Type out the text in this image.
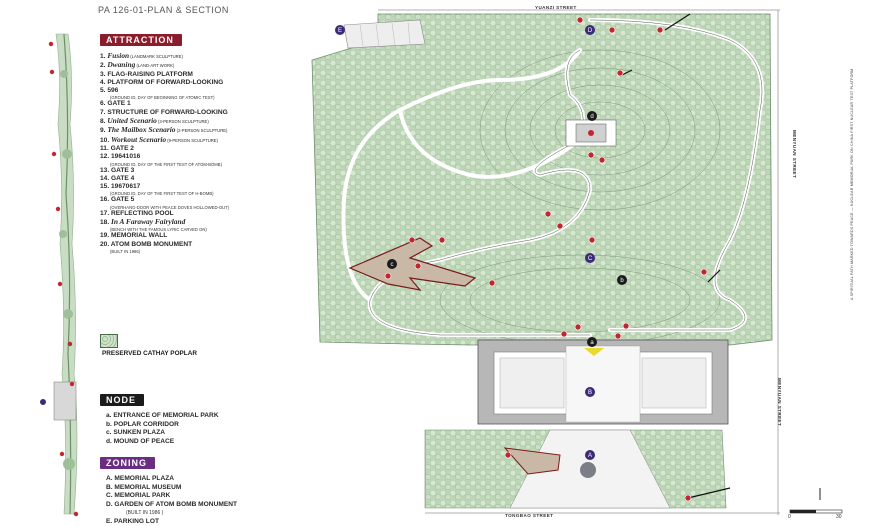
PA 126-01-PLAN & SECTION
ATTRACTION
1. Fusion (LANDMARK SCULPTURE)
2. Dwaning (LAND-ART WORK)
3. FLAG-RAISING PLATFORM
4. PLATFORM OF FORWARD-LOOKING
5. 596
(GROUND ID, DAY OF BEGINNING OF ATOMIC TEST)
6. GATE 1
7. STRUCTURE OF FORWARD-LOOKING
8. United Scenario (3-PERSON SCULPTURE)
9. The Mailbox Scenario (2-PERSON SCULPTURE)
10. Workout Scenario (9-PERSON SCULPTURE)
11. GATE 2
12. 19641016
(GROUND ID, DAY OF THE FIRST TEST OF ATOM-BOMB)
13. GATE 3
14. GATE 4
15. 19670617
(GROUND ID, DAY OF THE FIRST TEST OF H-BOMB)
16. GATE 5
(OVERHANG-DOOR WITH PEACE DOVES HOLLOWED-OUT)
17. REFLECTING POOL
18. In A Faraway Fairyland
(BENCH WITH THE FAMOUS LYRIC CARVED ON)
19. MEMORIAL WALL
20. ATOM BOMB MONUMENT
(BUILT IN 1986)
PRESERVED CATHAY POPLAR
NODE
a. ENTRANCE OF MEMORIAL PARK
b. POPLAR CORRIDOR
c. SUNKEN PLAZA
d. MOUND OF PEACE
ZONING
A. MEMORIAL PLAZA
B. MEMORIAL MUSEUM
C. MEMORIAL PARK
D. GARDEN OF ATOM BOMB MONUMENT
(BUILT IN 1986 )
E. PARKING LOT
A
B
C
D
E
a
b
c
d
YUANZI STREET
TONGBAO STREET
MENYUAN STREET
MENYUAN STREET
0	30
A SPIRITUAL PATH MARKED TOWARDS PEACE — NUCLEAR MEMORIAL PARK ON CHINA FIRST NUCLEAR TEST PLATFORM
